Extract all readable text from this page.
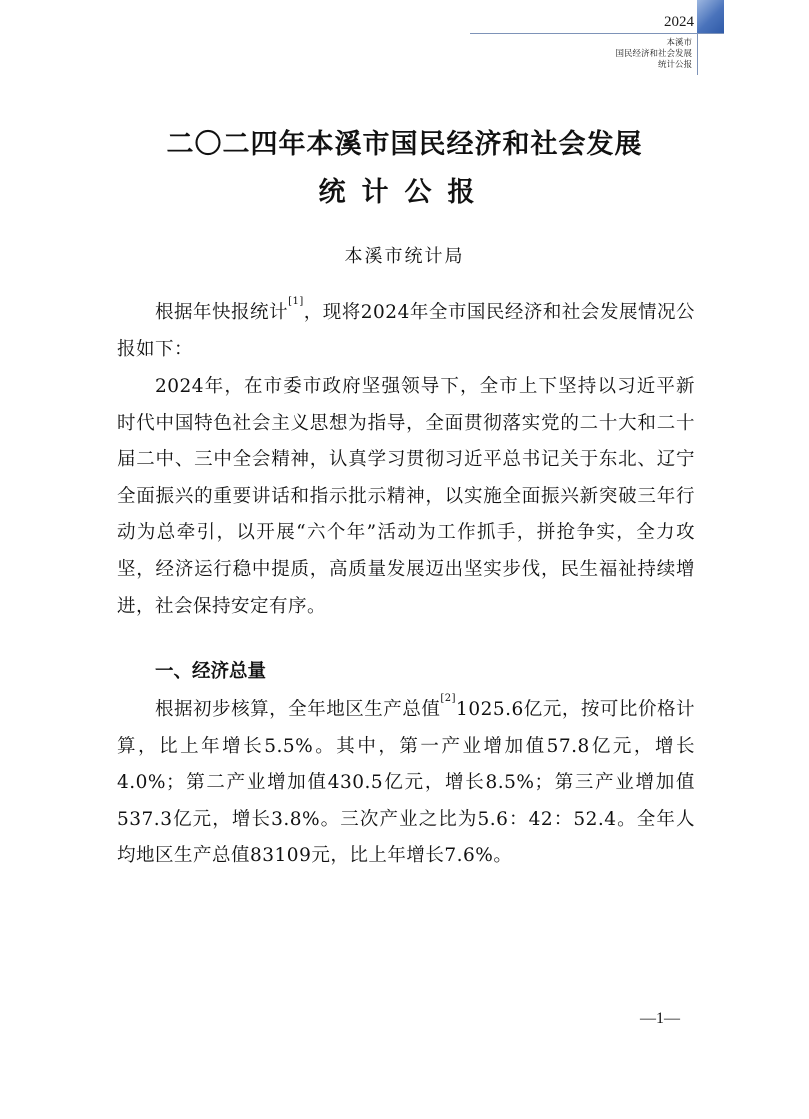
2024
本溪市
国民经济和社会发展
统计公报
二〇二四年本溪市国民经济和社会发展
统计公报
本溪市统计局
根据年快报统计[1]，现将2024年全市国民经济和社会发展情况公报如下：
2024年，在市委市政府坚强领导下，全市上下坚持以习近平新时代中国特色社会主义思想为指导，全面贯彻落实党的二十大和二十届二中、三中全会精神，认真学习贯彻习近平总书记关于东北、辽宁全面振兴的重要讲话和指示批示精神，以实施全面振兴新突破三年行动为总牵引，以开展“六个年”活动为工作抓手，拼抢争实，全力攻坚，经济运行稳中提质，高质量发展迈出坚实步伐，民生福祉持续增进，社会保持安定有序。
一、经济总量
根据初步核算，全年地区生产总值[2]1025.6亿元，按可比价格计算，比上年增长5.5%。其中，第一产业增加值57.8亿元，增长4.0%；第二产业增加值430.5亿元，增长8.5%；第三产业增加值537.3亿元，增长3.8%。三次产业之比为5.6：42：52.4。全年人均地区生产总值83109元，比上年增长7.6%。
—1—
